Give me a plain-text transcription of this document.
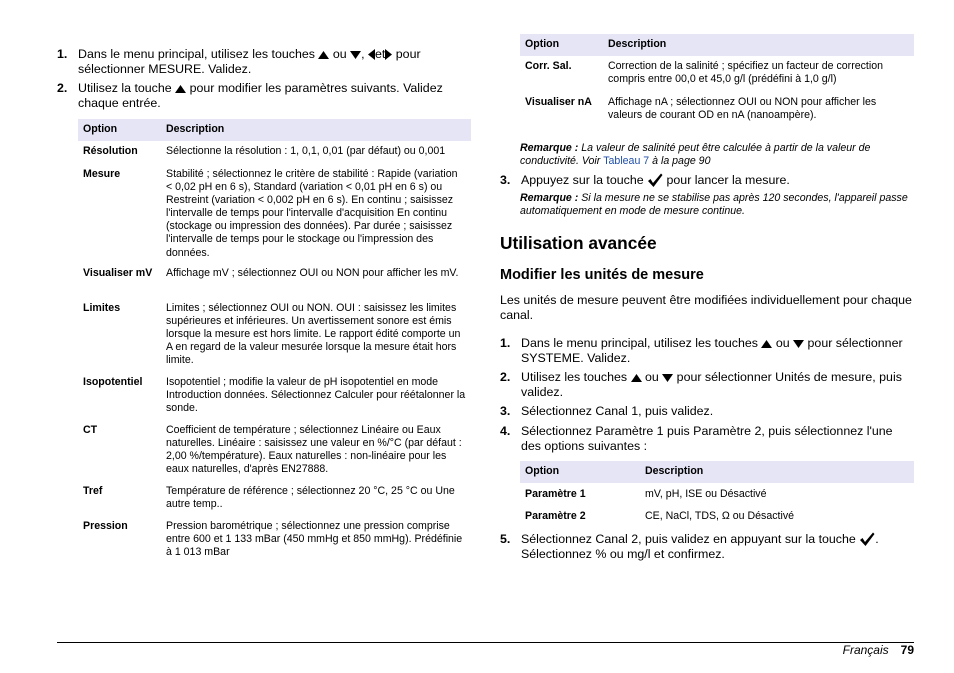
1. Dans le menu principal, utilisez les touches ou , et pour sélectionner MESURE. Validez.
2. Utilisez la touche pour modifier les paramètres suivants. Validez chaque entrée.
Option	Description
Résolution	Sélectionne la résolution : 1, 0,1, 0,01 (par défaut) ou 0,001
Mesure	Stabilité ; sélectionnez le critère de stabilité : Rapide (variation < 0,02 pH en 6 s), Standard (variation < 0,01 pH en 6 s) ou Restreint (variation < 0,002 pH en 6 s). En continu ; saisissez l'intervalle de temps pour l'intervalle d'acquisition En continu (stockage ou impression des données). Par durée ; saisissez l'intervalle de temps pour le stockage ou l'impression des données.
Visualiser mV	Affichage mV ; sélectionnez OUI ou NON pour afficher les mV.
Limites	Limites ; sélectionnez OUI ou NON. OUI : saisissez les limites supérieures et inférieures. Un avertissement sonore est émis lorsque la mesure est hors limite. Le rapport édité comporte un A en regard de la valeur mesurée lorsque la mesure était hors limite.
Isopotentiel	Isopotentiel ; modifie la valeur de pH isopotentiel en mode Introduction données. Sélectionnez Calculer pour réétalonner la sonde.
CT	Coefficient de température ; sélectionnez Linéaire ou Eaux naturelles. Linéaire : saisissez une valeur en %/°C (par défaut : 2,00 %/température). Eaux naturelles : non-linéaire pour les eaux naturelles, d'après EN27888.
Tref	Température de référence ; sélectionnez 20 °C, 25 °C ou Une autre temp..
Pression	Pression barométrique ; sélectionnez une pression comprise entre 600 et 1 133 mBar (450 mmHg et 850 mmHg). Prédéfinie à 1 013 mBar
Option	Description
Corr. Sal.	Correction de la salinité ; spécifiez un facteur de correction compris entre 00,0 et 45,0 g/l (prédéfini à 1,0 g/l)
Visualiser nA	Affichage nA ; sélectionnez OUI ou NON pour afficher les valeurs de courant OD en nA (nanoampère).
Remarque : La valeur de salinité peut être calculée à partir de la valeur de conductivité. Voir Tableau 7 à la page 90
3. Appuyez sur la touche pour lancer la mesure.
Remarque : Si la mesure ne se stabilise pas après 120 secondes, l'appareil passe automatiquement en mode de mesure continue.
Utilisation avancée
Modifier les unités de mesure
Les unités de mesure peuvent être modifiées individuellement pour chaque canal.
1. Dans le menu principal, utilisez les touches ou pour sélectionner SYSTEME. Validez.
2. Utilisez les touches ou pour sélectionner Unités de mesure, puis validez.
3. Sélectionnez Canal 1, puis validez.
4. Sélectionnez Paramètre 1 puis Paramètre 2, puis sélectionnez l'une des options suivantes :
Option	Description
Paramètre 1	mV, pH, ISE ou Désactivé
Paramètre 2	CE, NaCl, TDS, Ω ou Désactivé
5. Sélectionnez Canal 2, puis validez en appuyant sur la touche . Sélectionnez % ou mg/l et confirmez.
Français 79
